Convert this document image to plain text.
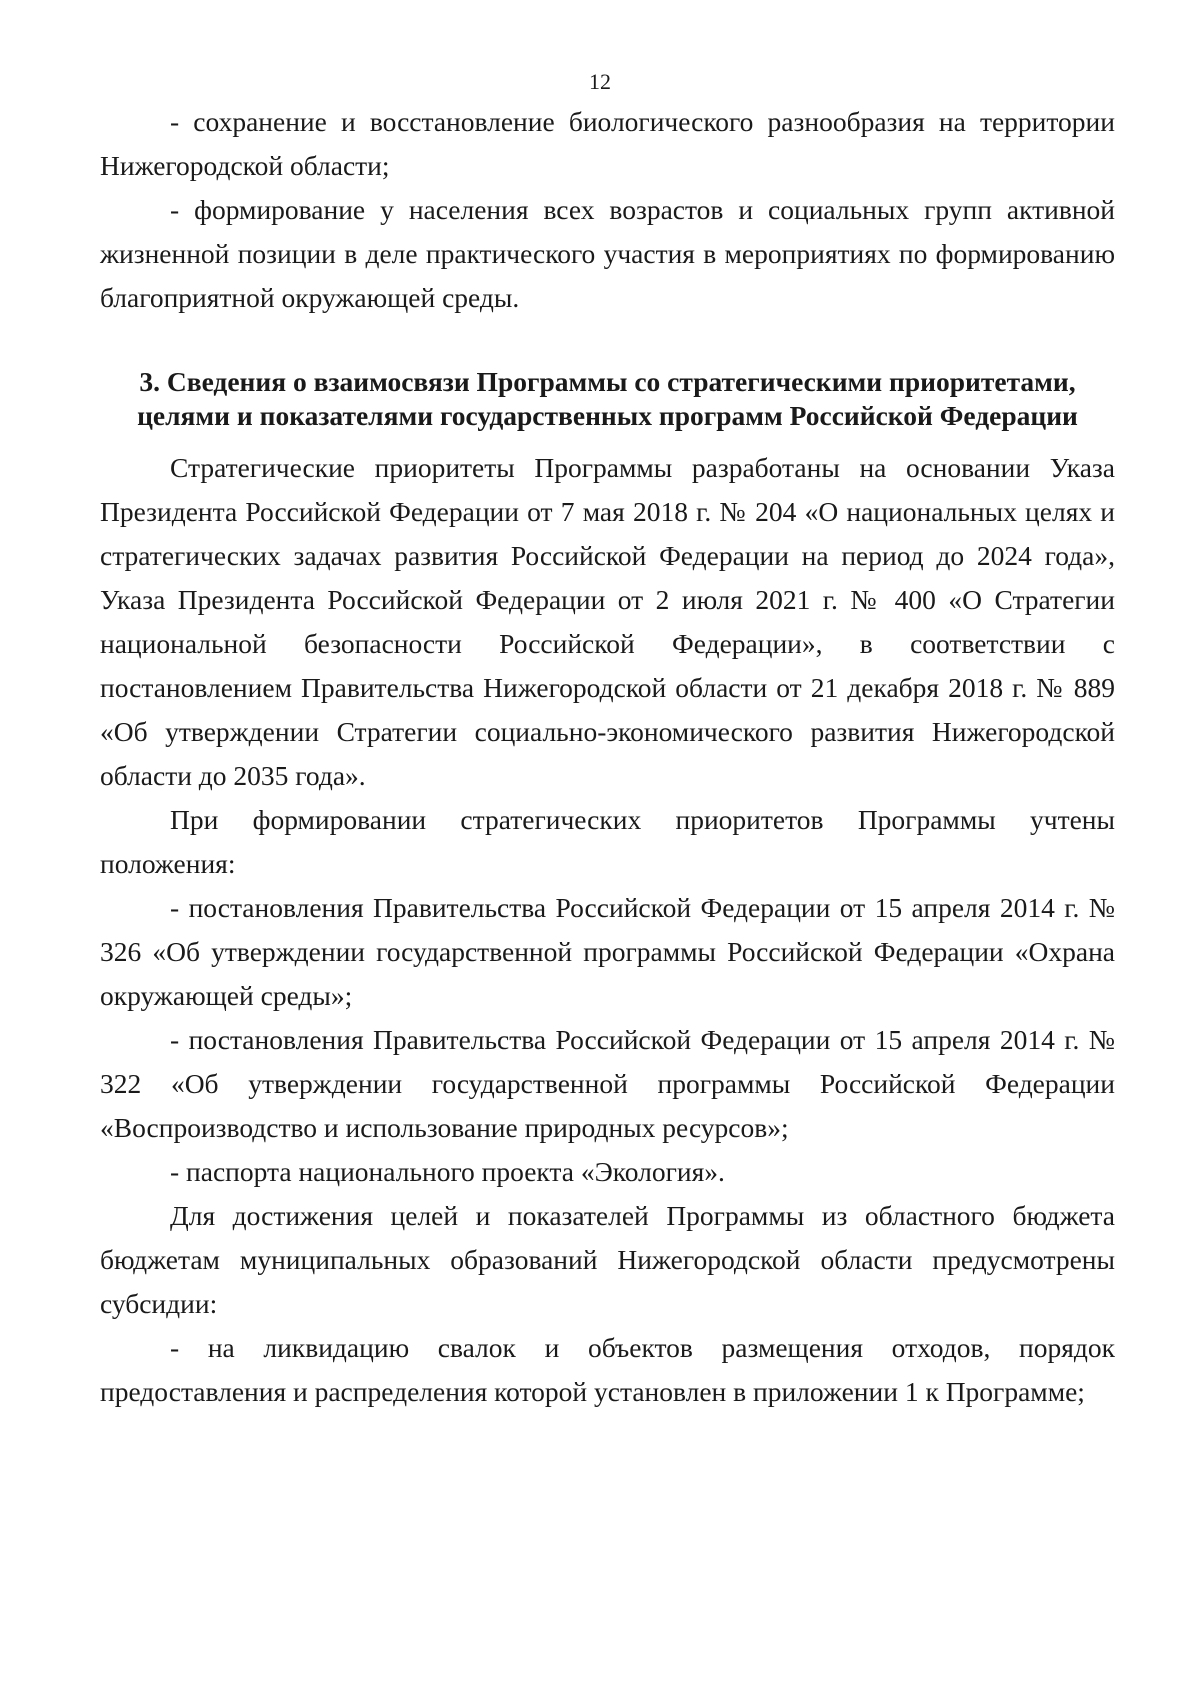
12

- сохранение и восстановление биологического разнообразия на территории Нижегородской области;

- формирование у населения всех возрастов и социальных групп активной жизненной позиции в деле практического участия в мероприятиях по формированию благоприятной окружающей среды.

3. Сведения о взаимосвязи Программы со стратегическими приоритетами,

целями и показателями государственных программ Российской Федерации

Стратегические приоритеты Программы разработаны на основании Указа Президента Российской Федерации от 7 мая 2018 г. № 204 «О национальных целях и стратегических задачах развития Российской Федерации на период до 2024 года», Указа Президента Российской Федерации от 2 июля 2021 г. № 400 «О Стратегии национальной безопасности Российской Федерации», в соответствии с постановлением Правительства Нижегородской области от 21 декабря 2018 г. № 889 «Об утверждении Стратегии социально-экономического развития Нижегородской области до 2035 года».

При формировании стратегических приоритетов Программы учтены положения:

- постановления Правительства Российской Федерации от 15 апреля 2014 г. № 326 «Об утверждении государственной программы Российской Федерации «Охрана окружающей среды»;

- постановления Правительства Российской Федерации от 15 апреля 2014 г. № 322 «Об утверждении государственной программы Российской Федерации «Воспроизводство и использование природных ресурсов»;

- паспорта национального проекта «Экология».

Для достижения целей и показателей Программы из областного бюджета бюджетам муниципальных образований Нижегородской области предусмотрены субсидии:

- на ликвидацию свалок и объектов размещения отходов, порядок предоставления и распределения которой установлен в приложении 1 к Программе;
